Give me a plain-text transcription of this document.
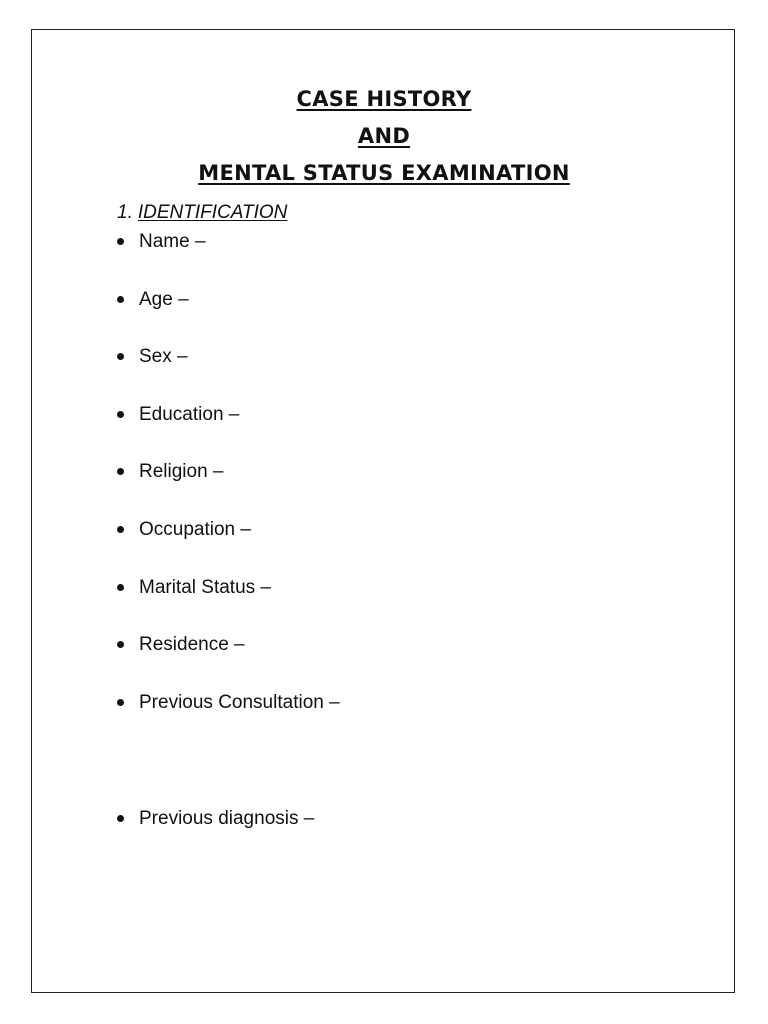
CASE HISTORY
AND
MENTAL STATUS EXAMINATION
1. IDENTIFICATION
Name –
Age –
Sex –
Education –
Religion –
Occupation –
Marital Status –
Residence –
Previous Consultation –
Previous diagnosis –
